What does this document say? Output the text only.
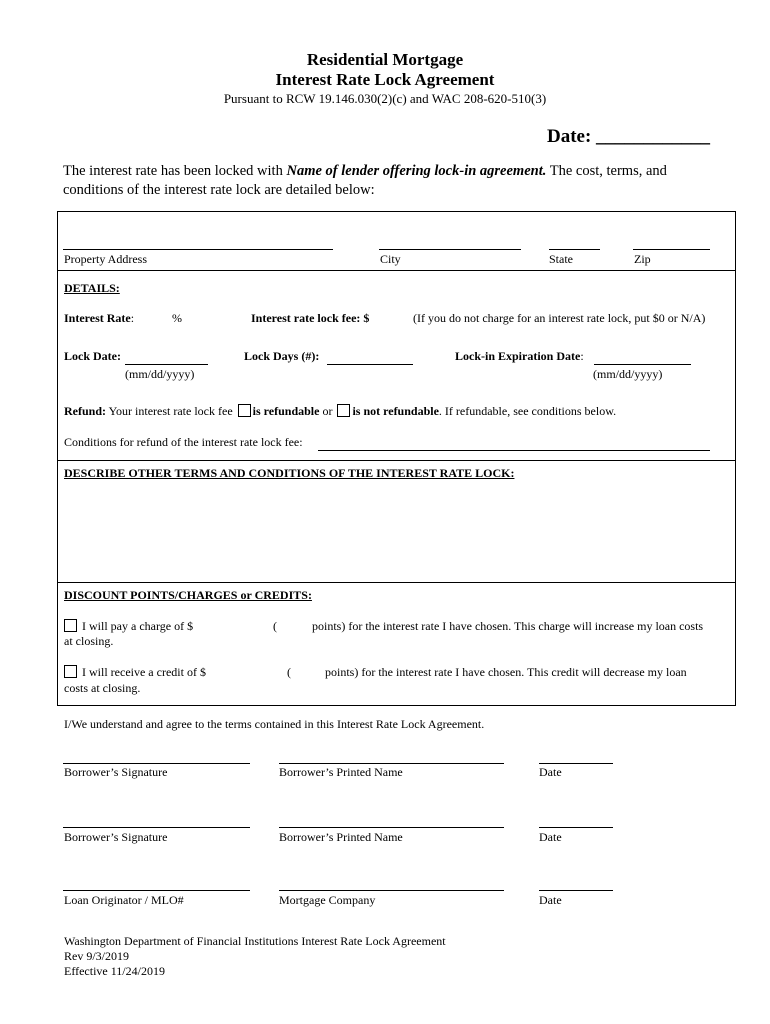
Residential Mortgage
Interest Rate Lock Agreement
Pursuant to RCW 19.146.030(2)(c) and WAC 208-620-510(3)
Date: ____________
The interest rate has been locked with Name of lender offering lock-in agreement. The cost, terms, and conditions of the interest rate lock are detailed below:
Property Address	City	State	Zip
DETAILS:
Interest Rate:	%	Interest rate lock fee: $	(If you do not charge for an interest rate lock, put $0 or N/A)
Lock Date:	Lock Days (#):	Lock-in Expiration Date:
(mm/dd/yyyy)	(mm/dd/yyyy)
Refund: Your interest rate lock fee is refundable or is not refundable. If refundable, see conditions below.
Conditions for refund of the interest rate lock fee:
DESCRIBE OTHER TERMS AND CONDITIONS OF THE INTEREST RATE LOCK:
DISCOUNT POINTS/CHARGES or CREDITS:
I will pay a charge of $	(	points) for the interest rate I have chosen. This charge will increase my loan costs
at closing.
I will receive a credit of $	(	points) for the interest rate I have chosen. This credit will decrease my loan
costs at closing.
I/We understand and agree to the terms contained in this Interest Rate Lock Agreement.
Borrower’s Signature	Borrower’s Printed Name	Date
Borrower’s Signature	Borrower’s Printed Name	Date
Loan Originator / MLO#	Mortgage Company	Date
Washington Department of Financial Institutions Interest Rate Lock Agreement
Rev 9/3/2019
Effective 11/24/2019
